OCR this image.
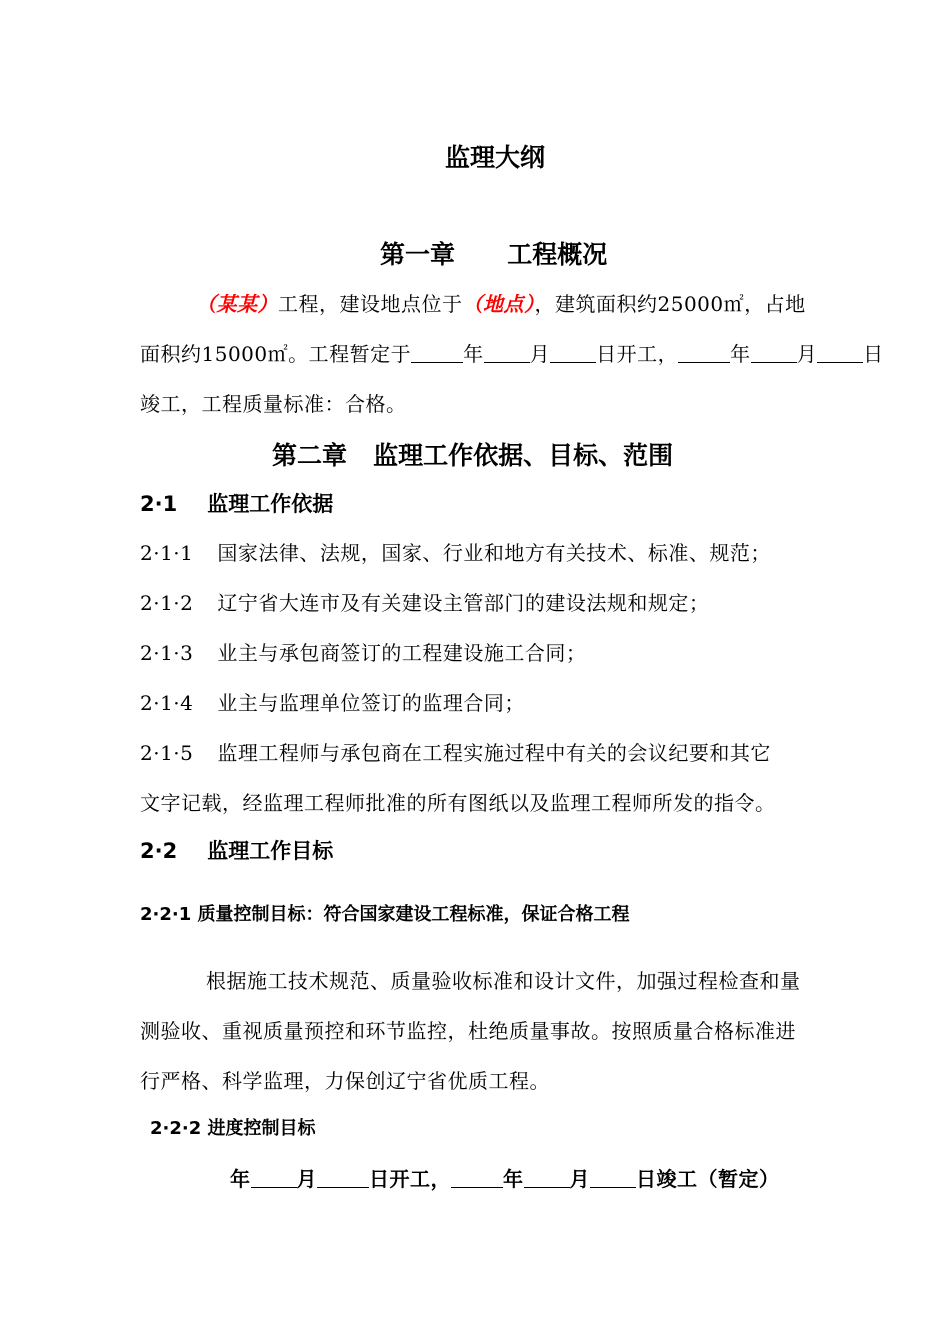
监理大纲
第一章      工程概况
（某某）工程，建设地点位于（地点），建筑面积约25000㎡，占地
面积约15000㎡。工程暂定于	年 月 日开工，	年 月 日
竣工，工程质量标准：合格。
第二章   监理工作依据、目标、范围
2·1 监理工作依据
2·1·1 国家法律、法规，国家、行业和地方有关技术、标准、规范；
2·1·2 辽宁省大连市及有关建设主管部门的建设法规和规定；
2·1·3 业主与承包商签订的工程建设施工合同；
2·1·4 业主与监理单位签订的监理合同；
2·1·5 监理工程师与承包商在工程实施过程中有关的会议纪要和其它
文字记载，经监理工程师批准的所有图纸以及监理工程师所发的指令。
2·2 监理工作目标
2·2·1 质量控制目标：符合国家建设工程标准，保证合格工程
根据施工技术规范、质量验收标准和设计文件，加强过程检查和量
测验收、重视质量预控和环节监控，杜绝质量事故。按照质量合格标准进
行严格、科学监理，力保创辽宁省优质工程。
2·2·2 进度控制目标
年 月	日开工，	年 月 日竣工（暂定）
